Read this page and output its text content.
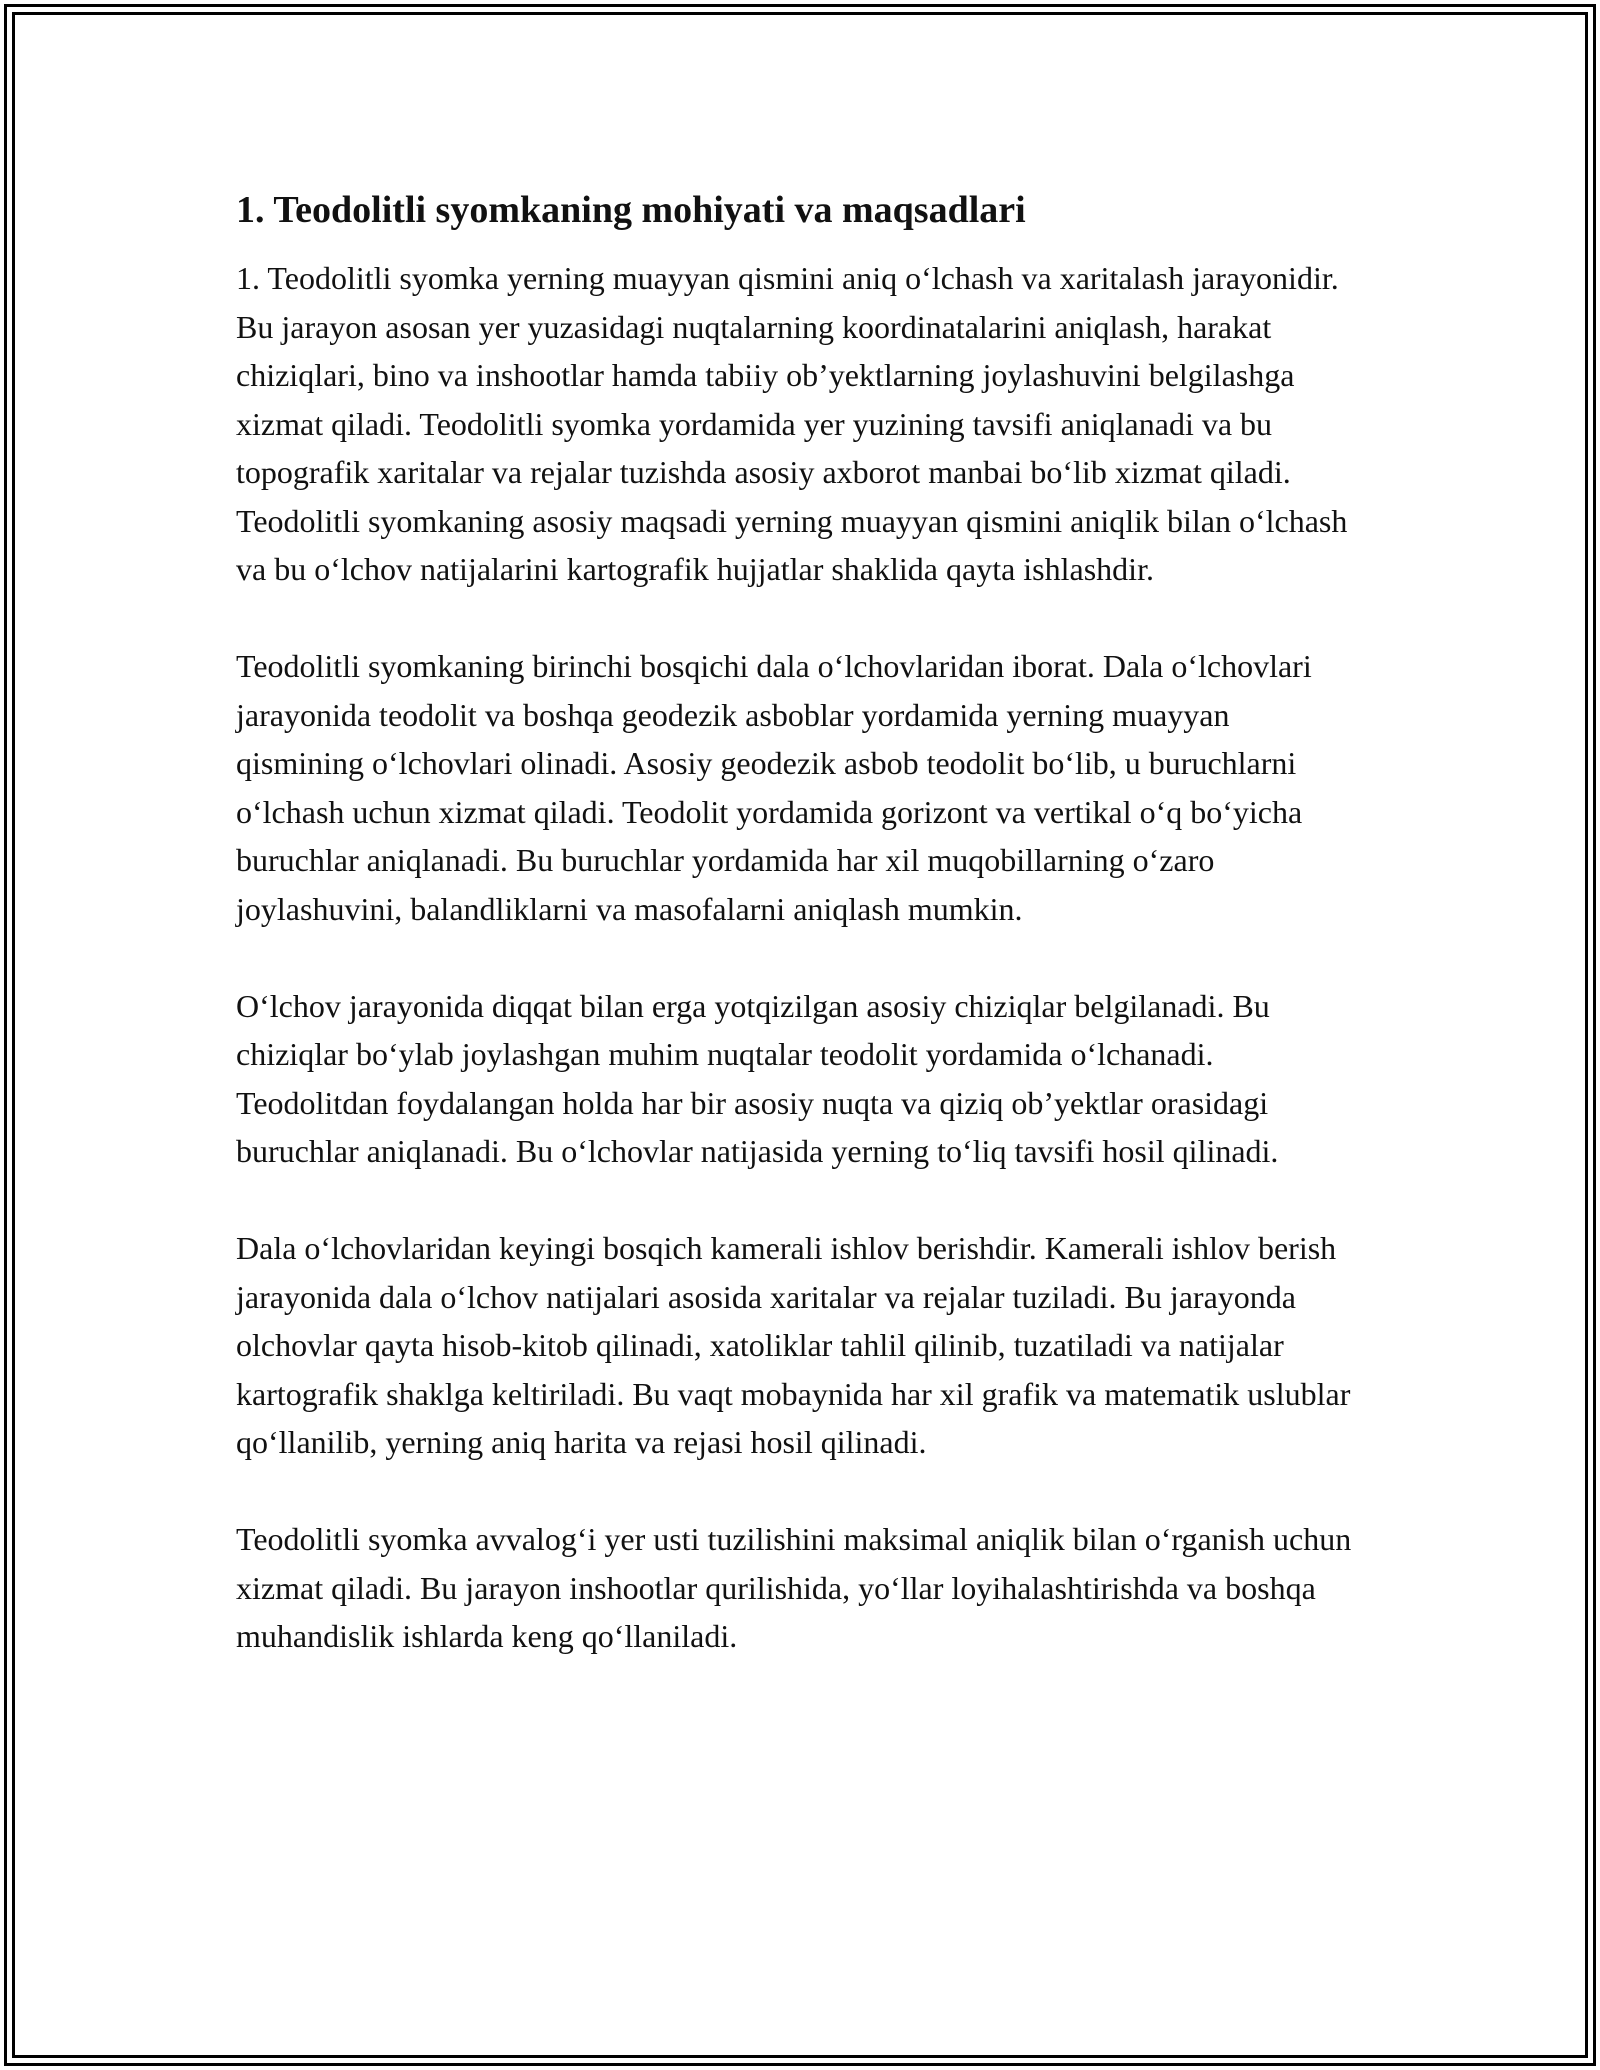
1. Teodolitli syomkaning mohiyati va maqsadlari

1. Teodolitli syomka yerning muayyan qismini aniq o‘lchash va xaritalash jarayonidir. Bu jarayon asosan yer yuzasidagi nuqtalarning koordinatalarini aniqlash, harakat chiziqlari, bino va inshootlar hamda tabiiy ob’yektlarning joylashuvini belgilashga xizmat qiladi. Teodolitli syomka yordamida yer yuzining tavsifi aniqlanadi va bu topografik xaritalar va rejalar tuzishda asosiy axborot manbai bo‘lib xizmat qiladi. Teodolitli syomkaning asosiy maqsadi yerning muayyan qismini aniqlik bilan o‘lchash va bu o‘lchov natijalarini kartografik hujjatlar shaklida qayta ishlashdir.

Teodolitli syomkaning birinchi bosqichi dala o‘lchovlaridan iborat. Dala o‘lchovlari jarayonida teodolit va boshqa geodezik asboblar yordamida yerning muayyan qismining o‘lchovlari olinadi. Asosiy geodezik asbob teodolit bo‘lib, u buruchlarni o‘lchash uchun xizmat qiladi. Teodolit yordamida gorizont va vertikal o‘q bo‘yicha buruchlar aniqlanadi. Bu buruchlar yordamida har xil muqobillarning o‘zaro joylashuvini, balandliklarni va masofalarni aniqlash mumkin.

O‘lchov jarayonida diqqat bilan erga yotqizilgan asosiy chiziqlar belgilanadi. Bu chiziqlar bo‘ylab joylashgan muhim nuqtalar teodolit yordamida o‘lchanadi. Teodolitdan foydalangan holda har bir asosiy nuqta va qiziq ob’yektlar orasidagi buruchlar aniqlanadi. Bu o‘lchovlar natijasida yerning to‘liq tavsifi hosil qilinadi.

Dala o‘lchovlaridan keyingi bosqich kamerali ishlov berishdir. Kamerali ishlov berish jarayonida dala o‘lchov natijalari asosida xaritalar va rejalar tuziladi. Bu jarayonda olchovlar qayta hisob-kitob qilinadi, xatoliklar tahlil qilinib, tuzatiladi va natijalar kartografik shaklga keltiriladi. Bu vaqt mobaynida har xil grafik va matematik uslublar qo‘llanilib, yerning aniq harita va rejasi hosil qilinadi.

Teodolitli syomka avvalog‘i yer usti tuzilishini maksimal aniqlik bilan o‘rganish uchun xizmat qiladi. Bu jarayon inshootlar qurilishida, yo‘llar loyihalashtirishda va boshqa muhandislik ishlarda keng qo‘llaniladi.
